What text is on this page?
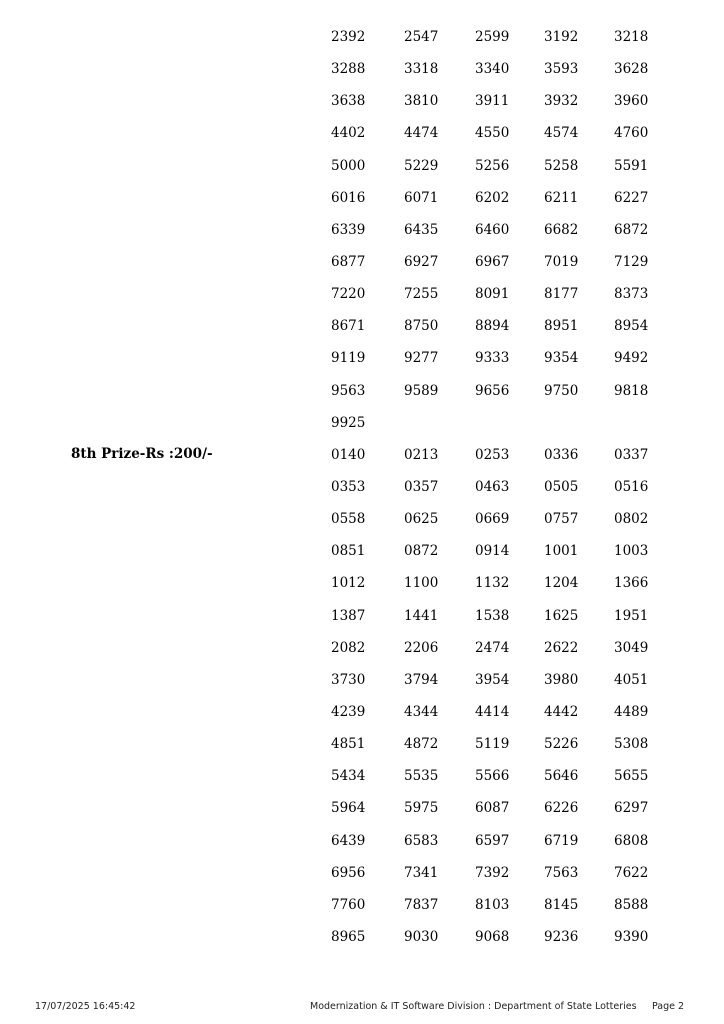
8th Prize-Rs :200/-
2392	2547	2599	3192	3218
3288	3318	3340	3593	3628
3638	3810	3911	3932	3960
4402	4474	4550	4574	4760
5000	5229	5256	5258	5591
6016	6071	6202	6211	6227
6339	6435	6460	6682	6872
6877	6927	6967	7019	7129
7220	7255	8091	8177	8373
8671	8750	8894	8951	8954
9119	9277	9333	9354	9492
9563	9589	9656	9750	9818
9925
0140	0213	0253	0336	0337
0353	0357	0463	0505	0516
0558	0625	0669	0757	0802
0851	0872	0914	1001	1003
1012	1100	1132	1204	1366
1387	1441	1538	1625	1951
2082	2206	2474	2622	3049
3730	3794	3954	3980	4051
4239	4344	4414	4442	4489
4851	4872	5119	5226	5308
5434	5535	5566	5646	5655
5964	5975	6087	6226	6297
6439	6583	6597	6719	6808
6956	7341	7392	7563	7622
7760	7837	8103	8145	8588
8965	9030	9068	9236	9390
17/07/2025 16:45:42	Modernization & IT Software Division : Department of State Lotteries Page 2
